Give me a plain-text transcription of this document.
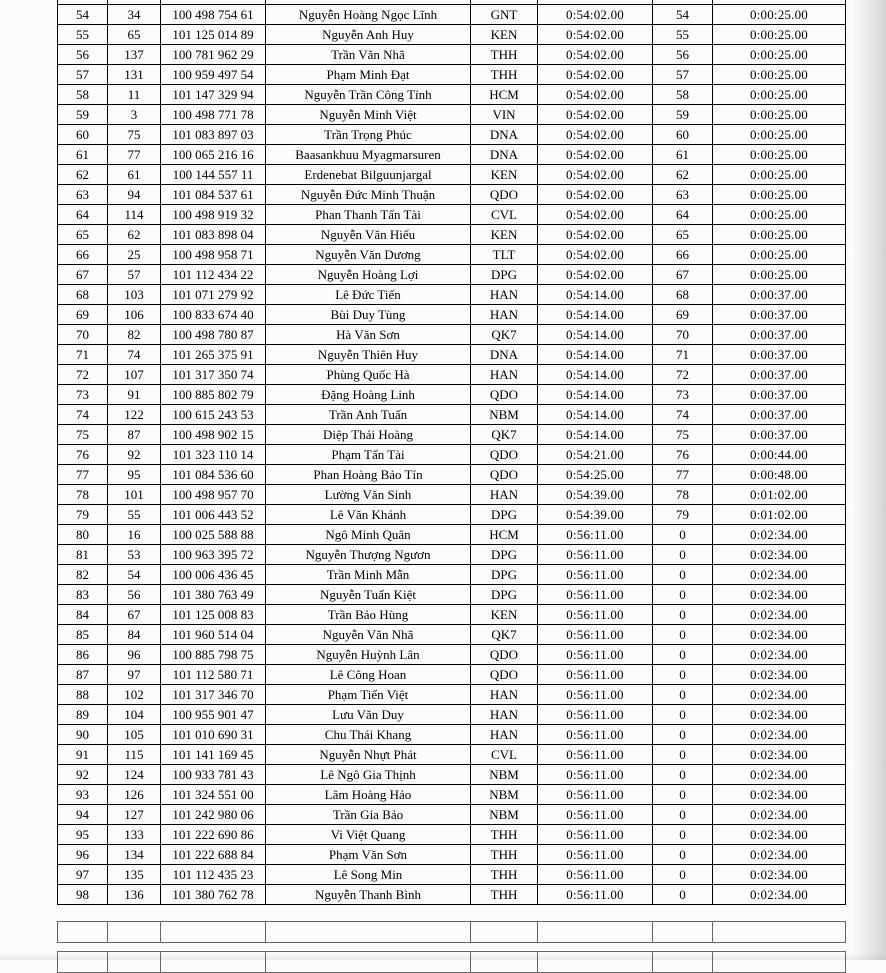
54	34	100 498 754 61	Nguyễn Hoàng Ngọc Lĩnh	GNT	0:54:02.00	54	0:00:25.00
55	65	101 125 014 89	Nguyễn Anh Huy	KEN	0:54:02.00	55	0:00:25.00
56	137	100 781 962 29	Trần Văn Nhã	THH	0:54:02.00	56	0:00:25.00
57	131	100 959 497 54	Phạm Minh Đạt	THH	0:54:02.00	57	0:00:25.00
58	11	101 147 329 94	Nguyễn Trần Công Tỉnh	HCM	0:54:02.00	58	0:00:25.00
59	3	100 498 771 78	Nguyễn Minh Việt	VIN	0:54:02.00	59	0:00:25.00
60	75	101 083 897 03	Trần Trọng Phúc	DNA	0:54:02.00	60	0:00:25.00
61	77	100 065 216 16	Baasankhuu Myagmarsuren	DNA	0:54:02.00	61	0:00:25.00
62	61	100 144 557 11	Erdenebat Bilguunjargal	KEN	0:54:02.00	62	0:00:25.00
63	94	101 084 537 61	Nguyễn Đức Minh Thuận	QDO	0:54:02.00	63	0:00:25.00
64	114	100 498 919 32	Phan Thanh Tấn Tài	CVL	0:54:02.00	64	0:00:25.00
65	62	101 083 898 04	Nguyễn Văn Hiếu	KEN	0:54:02.00	65	0:00:25.00
66	25	100 498 958 71	Nguyễn Văn Dương	TLT	0:54:02.00	66	0:00:25.00
67	57	101 112 434 22	Nguyễn Hoàng Lợi	DPG	0:54:02.00	67	0:00:25.00
68	103	101 071 279 92	Lê Đức Tiến	HAN	0:54:14.00	68	0:00:37.00
69	106	100 833 674 40	Bùi Duy Tùng	HAN	0:54:14.00	69	0:00:37.00
70	82	100 498 780 87	Hà Văn Sơn	QK7	0:54:14.00	70	0:00:37.00
71	74	101 265 375 91	Nguyễn Thiên Huy	DNA	0:54:14.00	71	0:00:37.00
72	107	101 317 350 74	Phùng Quốc Hà	HAN	0:54:14.00	72	0:00:37.00
73	91	100 885 802 79	Đặng Hoàng Linh	QDO	0:54:14.00	73	0:00:37.00
74	122	100 615 243 53	Trần Anh Tuấn	NBM	0:54:14.00	74	0:00:37.00
75	87	100 498 902 15	Diệp Thái Hoàng	QK7	0:54:14.00	75	0:00:37.00
76	92	101 323 110 14	Phạm Tấn Tài	QDO	0:54:21.00	76	0:00:44.00
77	95	101 084 536 60	Phan Hoàng Bảo Tín	QDO	0:54:25.00	77	0:00:48.00
78	101	100 498 957 70	Lường Văn Sinh	HAN	0:54:39.00	78	0:01:02.00
79	55	101 006 443 52	Lê Văn Khánh	DPG	0:54:39.00	79	0:01:02.00
80	16	100 025 588 88	Ngô Minh Quân	HCM	0:56:11.00	0	0:02:34.00
81	53	100 963 395 72	Nguyễn Thượng Ngươn	DPG	0:56:11.00	0	0:02:34.00
82	54	100 006 436 45	Trần Minh Mẫn	DPG	0:56:11.00	0	0:02:34.00
83	56	101 380 763 49	Nguyễn Tuấn Kiệt	DPG	0:56:11.00	0	0:02:34.00
84	67	101 125 008 83	Trần Bảo Hùng	KEN	0:56:11.00	0	0:02:34.00
85	84	101 960 514 04	Nguyễn Văn Nhã	QK7	0:56:11.00	0	0:02:34.00
86	96	100 885 798 75	Nguyễn Huỳnh Lân	QDO	0:56:11.00	0	0:02:34.00
87	97	101 112 580 71	Lê Công Hoan	QDO	0:56:11.00	0	0:02:34.00
88	102	101 317 346 70	Phạm Tiến Việt	HAN	0:56:11.00	0	0:02:34.00
89	104	100 955 901 47	Lưu Văn Duy	HAN	0:56:11.00	0	0:02:34.00
90	105	101 010 690 31	Chu Thái Khang	HAN	0:56:11.00	0	0:02:34.00
91	115	101 141 169 45	Nguyễn Nhựt Phát	CVL	0:56:11.00	0	0:02:34.00
92	124	100 933 781 43	Lê Ngô Gia Thịnh	NBM	0:56:11.00	0	0:02:34.00
93	126	101 324 551 00	Lâm Hoàng Hảo	NBM	0:56:11.00	0	0:02:34.00
94	127	101 242 980 06	Trần Gia Bảo	NBM	0:56:11.00	0	0:02:34.00
95	133	101 222 690 86	Vi Việt Quang	THH	0:56:11.00	0	0:02:34.00
96	134	101 222 688 84	Phạm Văn Sơn	THH	0:56:11.00	0	0:02:34.00
97	135	101 112 435 23	Lê Song Min	THH	0:56:11.00	0	0:02:34.00
98	136	101 380 762 78	Nguyễn Thanh Bình	THH	0:56:11.00	0	0:02:34.00
